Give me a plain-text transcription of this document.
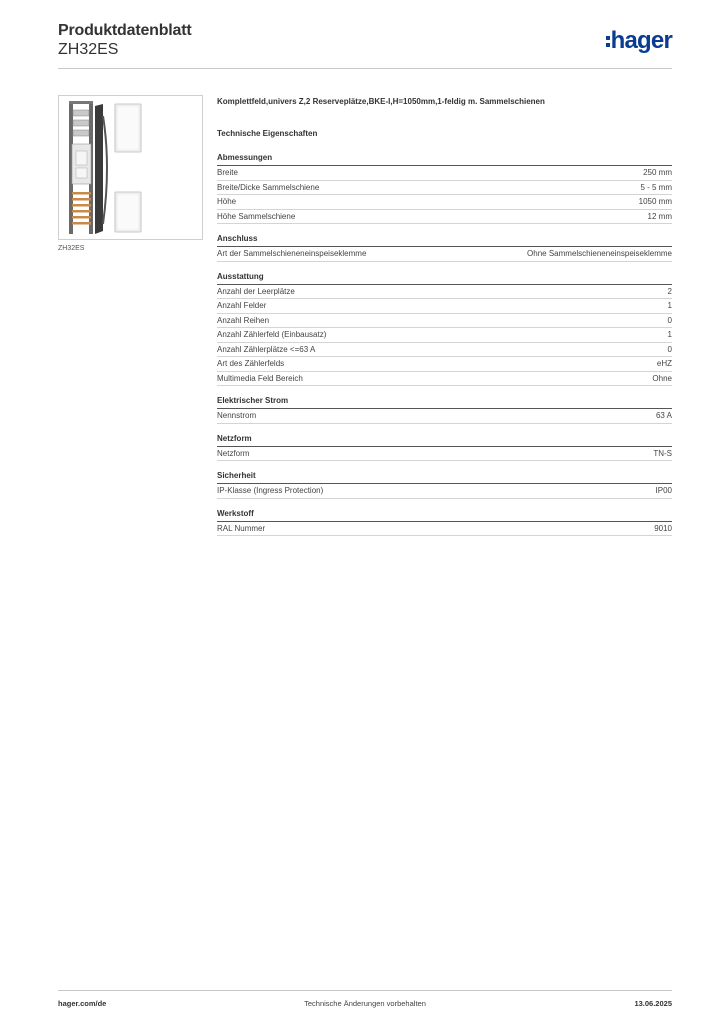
Produktdatenblatt
ZH32ES	hager
ZH32ES
Komplettfeld,univers Z,2 Reserveplätze,BKE-I,H=1050mm,1-feldig m. Sammelschienen
Technische Eigenschaften
Abmessungen
Breite	250 mm
Breite/Dicke Sammelschiene	5 - 5 mm
Höhe	1050 mm
Höhe Sammelschiene	12 mm
Anschluss
Art der Sammelschieneneinspeiseklemme	Ohne Sammelschieneneinspeiseklemme
Ausstattung
Anzahl der Leerplätze	2
Anzahl Felder	1
Anzahl Reihen	0
Anzahl Zählerfeld (Einbausatz)	1
Anzahl Zählerplätze <=63 A	0
Art des Zählerfelds	eHZ
Multimedia Feld Bereich	Ohne
Elektrischer Strom
Nennstrom	63 A
Netzform
Netzform	TN-S
Sicherheit
IP-Klasse (Ingress Protection)	IP00
Werkstoff
RAL Nummer	9010
hager.com/de	Technische Änderungen vorbehalten	13.06.2025
